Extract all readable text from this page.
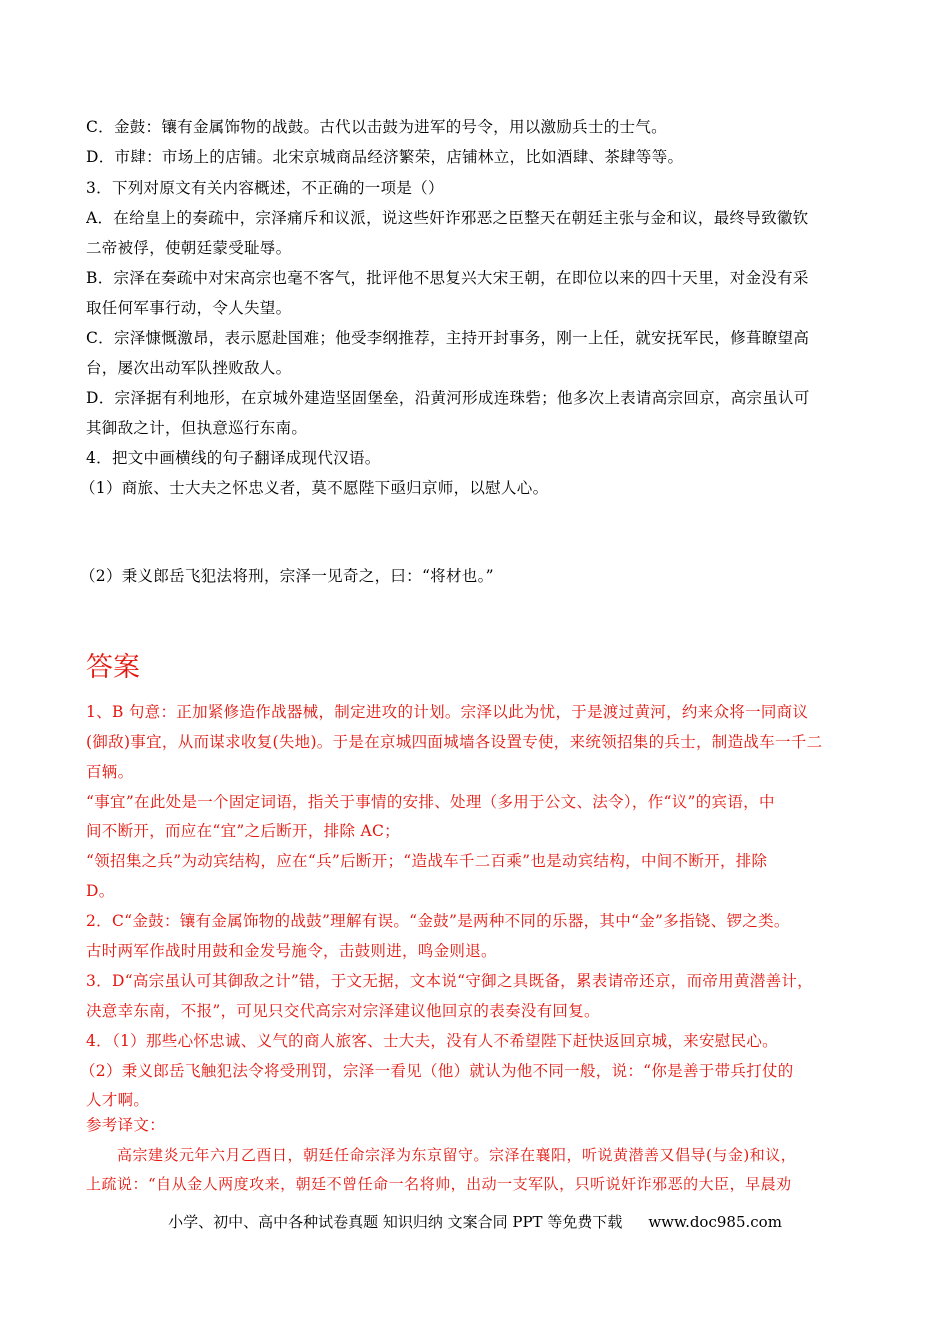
C．金鼓：镶有金属饰物的战鼓。古代以击鼓为进军的号令，用以激励兵士的士气。
D．市肆：市场上的店铺。北宋京城商品经济繁荣，店铺林立，比如酒肆、茶肆等等。
3．下列对原文有关内容概述，不正确的一项是（）
A．在给皇上的奏疏中，宗泽痛斥和议派，说这些奸诈邪恶之臣整天在朝廷主张与金和议，最终导致徽钦
二帝被俘，使朝廷蒙受耻辱。
B．宗泽在奏疏中对宋高宗也毫不客气，批评他不思复兴大宋王朝，在即位以来的四十天里，对金没有采
取任何军事行动，令人失望。
C．宗泽慷慨激昂，表示愿赴国难；他受李纲推荐，主持开封事务，刚一上任，就安抚军民，修葺瞭望高
台，屡次出动军队挫败敌人。
D．宗泽据有利地形，在京城外建造坚固堡垒，沿黄河形成连珠砦；他多次上表请高宗回京，高宗虽认可
其御敌之计，但执意巡行东南。
4．把文中画横线的句子翻译成现代汉语。
（1）商旅、士大夫之怀忠义者，莫不愿陛下亟归京师，以慰人心。
（2）秉义郎岳飞犯法将刑，宗泽一见奇之，曰：“将材也。”
答案
1、B 句意：正加紧修造作战器械，制定进攻的计划。宗泽以此为忧，于是渡过黄河，约来众将一同商议
(御敌)事宜，从而谋求收复(失地)。于是在京城四面城墙各设置专使，来统领招集的兵士，制造战车一千二
百辆。
“事宜”在此处是一个固定词语，指关于事情的安排、处理（多用于公文、法令），作“议”的宾语，中
间不断开，而应在“宜”之后断开，排除 AC；
“领招集之兵”为动宾结构，应在“兵”后断开；“造战车千二百乘”也是动宾结构，中间不断开，排除
D。
2．C“金鼓：镶有金属饰物的战鼓”理解有误。“金鼓”是两种不同的乐器，其中“金”多指铙、锣之类。
古时两军作战时用鼓和金发号施令，击鼓则进，鸣金则退。
3．D“高宗虽认可其御敌之计”错，于文无据，文本说“守御之具既备，累表请帝还京，而帝用黄潜善计，
决意幸东南，不报”，可见只交代高宗对宗泽建议他回京的表奏没有回复。
4．（1）那些心怀忠诚、义气的商人旅客、士大夫，没有人不希望陛下赶快返回京城，来安慰民心。
（2）秉义郎岳飞触犯法令将受刑罚，宗泽一看见（他）就认为他不同一般，说：“你是善于带兵打仗的
人才啊。
参考译文：
　　高宗建炎元年六月乙酉日，朝廷任命宗泽为东京留守。宗泽在襄阳，听说黄潜善又倡导(与金)和议，
上疏说：“自从金人两度攻来，朝廷不曾任命一名将帅，出动一支军队，只听说奸诈邪恶的大臣，早晨劝
小学、初中、高中各种试卷真题 知识归纳 文案合同 PPT 等免费下载 www.doc985.com
